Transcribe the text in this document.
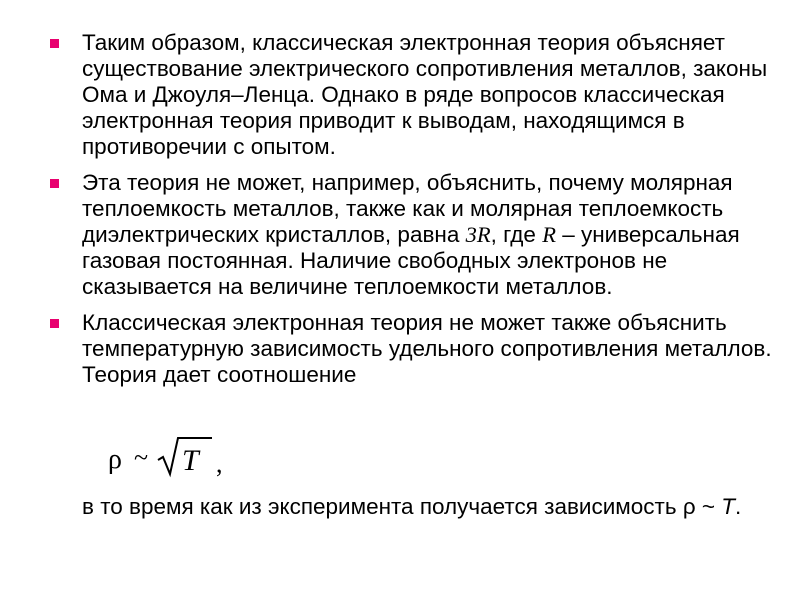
Таким образом, классическая электронная теория объясняет существование электрического сопротивления металлов, законы Ома и Джоуля–Ленца. Однако в ряде вопросов классическая электронная теория приводит к выводам, находящимся в противоречии с опытом.
Эта теория не может, например, объяснить, почему молярная теплоемкость металлов, также как и молярная теплоемкость диэлектрических кристаллов, равна 3R, где R – универсальная газовая постоянная. Наличие свободных электронов не сказывается на величине теплоемкости металлов.
Классическая электронная теория не может также объяснить температурную зависимость удельного сопротивления металлов. Теория дает соотношение
ρ ~ T ,
в то время как из эксперимента получается зависимость ρ ~ T.
